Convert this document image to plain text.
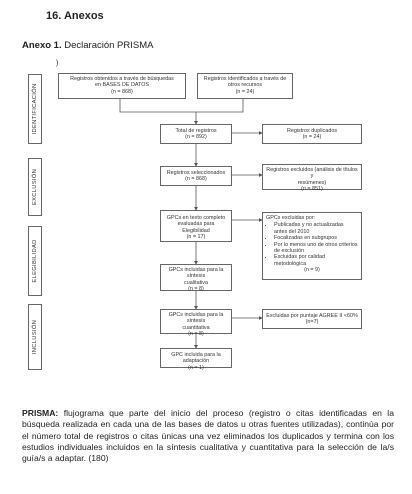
16. Anexos
Anexo 1. Declaración PRISMA
)
IDENTIFICACIÓN
EXCLUSIÓN
ELEGIBILIDAD
INCLUSIÓN
Registros obtenidos a través de búsquedas
en BASES DE DATOS
(n = 868)
Registros identificados a través de
otros recursos
(n = 24)
Total de registros
(n = 892)
Registros duplicados
(n = 24)
Registros seleccionados
(n = 868)
Registros excluidos (análisis de títulos y
resúmenes)
(n = 851)
GPCs en texto completo
evaluadas para Elegibilidad
(n = 17)
GPCs excluidas por:
• Publicadas y no actualizadas antes del 2010
• Focalizadas en subgrupos
• Por lo menos uno de otros criterios de exclusión
• Excluidas por calidad metodológica
(n = 9)
GPCs incluidas para la síntesis
cualitativa
(n = 8)
GPCs incluidas para la síntesis
cuantitativa
(n = 8)
Excluidas por puntaje AGREE II <60%
(n=7)
GPC incluida para la adaptación
(n = 1)
PRISMA: flujograma que parte del inicio del proceso (registro o citas identificadas en la búsqueda realizada en cada una de las bases de datos u otras fuentes utilizadas), continúa por el número total de registros o citas únicas una vez eliminados los duplicados y termina con los estudios individuales incluidos en la síntesis cualitativa y cuantitativa para la selección de la/s guía/s a adaptar. (180)
